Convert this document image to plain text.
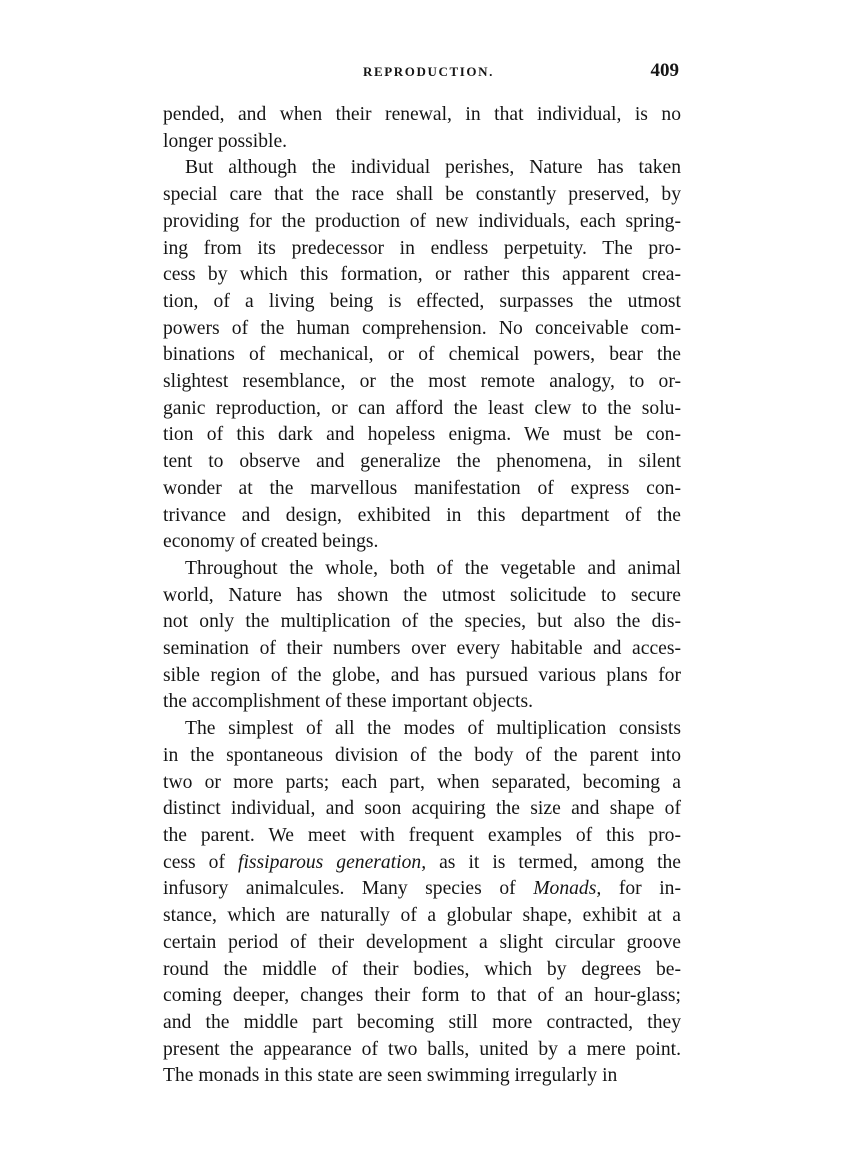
REPRODUCTION.	409
pended, and when their renewal, in that individual, is no
longer possible.
But although the individual perishes, Nature has taken
special care that the race shall be constantly preserved, by
providing for the production of new individuals, each spring-
ing from its predecessor in endless perpetuity. The pro-
cess by which this formation, or rather this apparent crea-
tion, of a living being is effected, surpasses the utmost
powers of the human comprehension. No conceivable com-
binations of mechanical, or of chemical powers, bear the
slightest resemblance, or the most remote analogy, to or-
ganic reproduction, or can afford the least clew to the solu-
tion of this dark and hopeless enigma. We must be con-
tent to observe and generalize the phenomena, in silent
wonder at the marvellous manifestation of express con-
trivance and design, exhibited in this department of the
economy of created beings.
Throughout the whole, both of the vegetable and animal
world, Nature has shown the utmost solicitude to secure
not only the multiplication of the species, but also the dis-
semination of their numbers over every habitable and acces-
sible region of the globe, and has pursued various plans for
the accomplishment of these important objects.
The simplest of all the modes of multiplication consists
in the spontaneous division of the body of the parent into
two or more parts; each part, when separated, becoming a
distinct individual, and soon acquiring the size and shape of
the parent. We meet with frequent examples of this pro-
cess of fissiparous generation, as it is termed, among the
infusory animalcules. Many species of Monads, for in-
stance, which are naturally of a globular shape, exhibit at a
certain period of their development a slight circular groove
round the middle of their bodies, which by degrees be-
coming deeper, changes their form to that of an hour-glass;
and the middle part becoming still more contracted, they
present the appearance of two balls, united by a mere point.
The monads in this state are seen swimming irregularly in
